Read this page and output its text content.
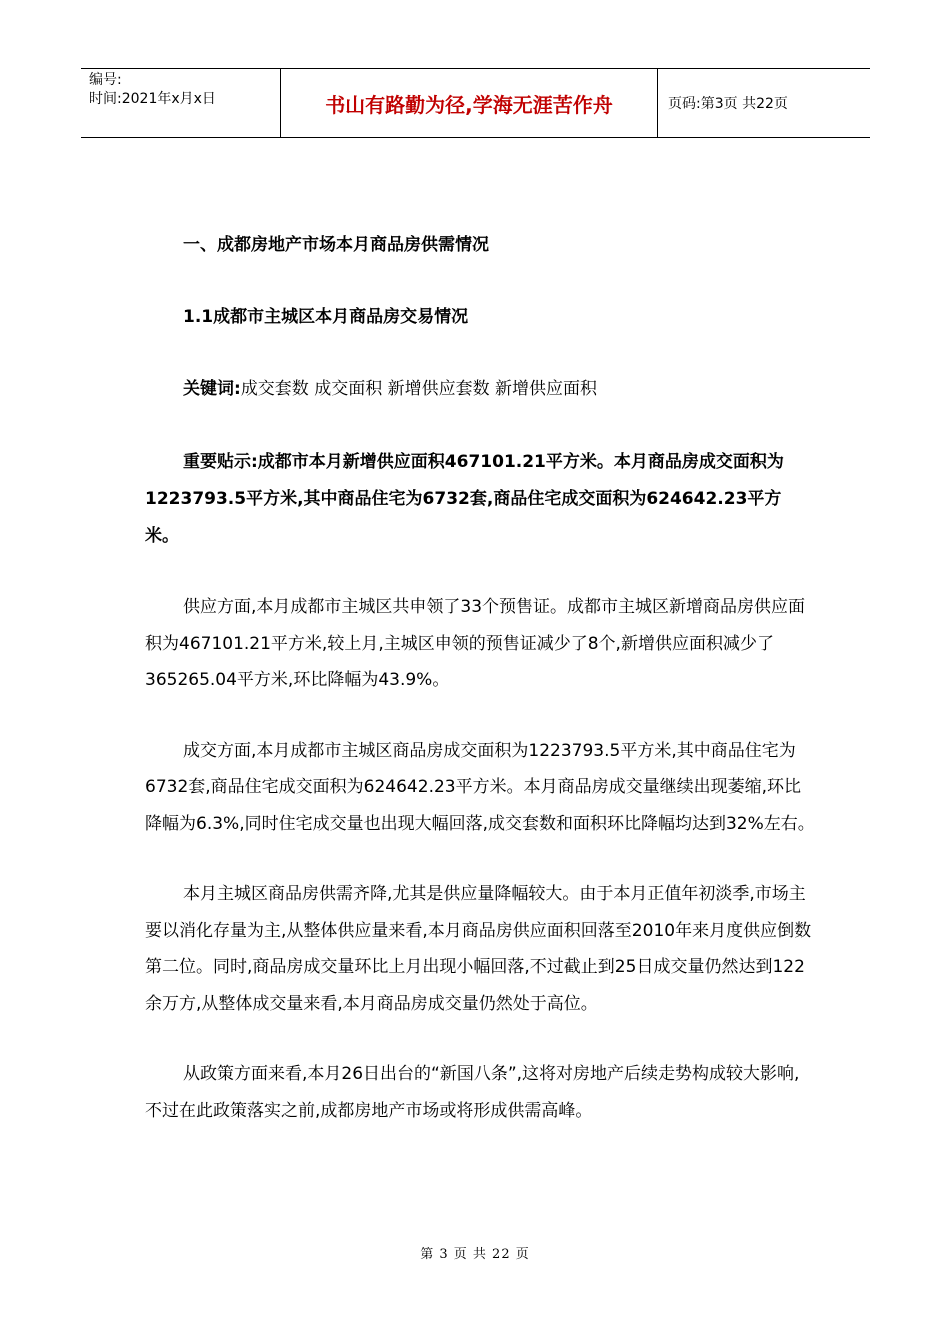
编号:
时间:2021年x月x日	书山有路勤为径,学海无涯苦作舟	页码:第3页 共22页
一、成都房地产市场本月商品房供需情况
1.1成都市主城区本月商品房交易情况
关键词:成交套数 成交面积 新增供应套数 新增供应面积

重要贴示:成都市本月新增供应面积467101.21平方米。本月商品房成交面积为1223793.5平方米,其中商品住宅为6732套,商品住宅成交面积为624642.23平方米。

供应方面,本月成都市主城区共申领了33个预售证。成都市主城区新增商品房供应面积为467101.21平方米,较上月,主城区申领的预售证减少了8个,新增供应面积减少了365265.04平方米,环比降幅为43.9%。

成交方面,本月成都市主城区商品房成交面积为1223793.5平方米,其中商品住宅为6732套,商品住宅成交面积为624642.23平方米。本月商品房成交量继续出现萎缩,环比降幅为6.3%,同时住宅成交量也出现大幅回落,成交套数和面积环比降幅均达到32%左右。

本月主城区商品房供需齐降,尤其是供应量降幅较大。由于本月正值年初淡季,市场主要以消化存量为主,从整体供应量来看,本月商品房供应面积回落至2010年来月度供应倒数第二位。同时,商品房成交量环比上月出现小幅回落,不过截止到25日成交量仍然达到122余万方,从整体成交量来看,本月商品房成交量仍然处于高位。

从政策方面来看,本月26日出台的“新国八条”,这将对房地产后续走势构成较大影响,不过在此政策落实之前,成都房地产市场或将形成供需高峰。

第 3 页 共 22 页
